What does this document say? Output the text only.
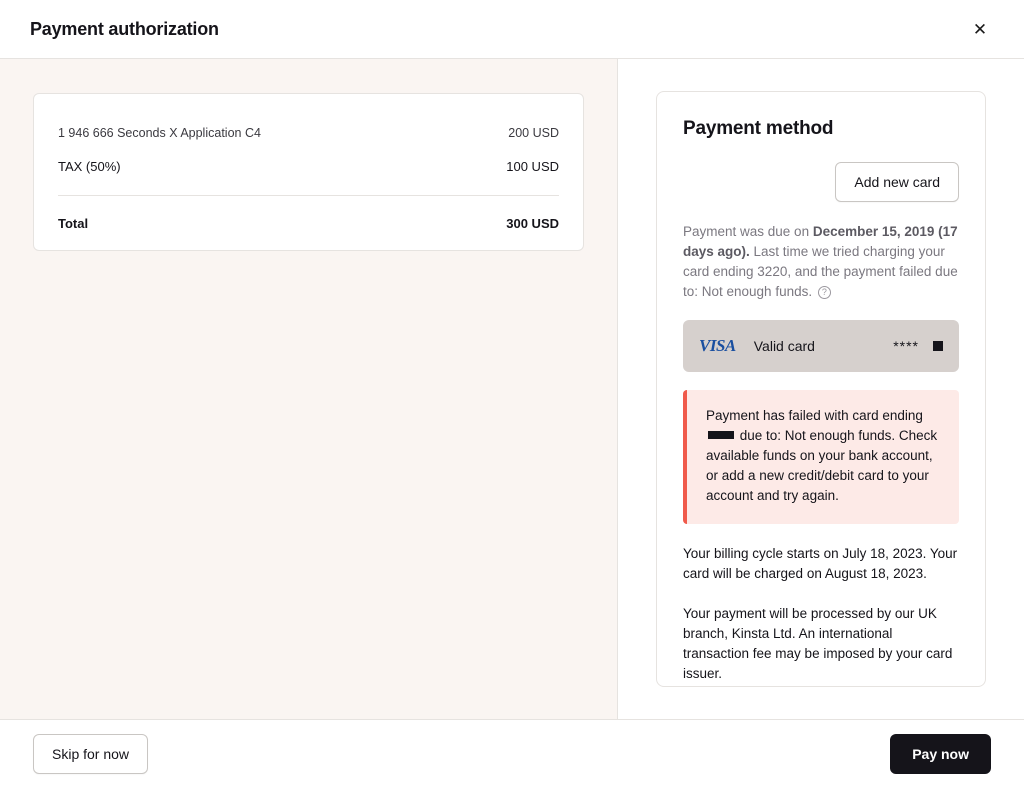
Payment authorization	✕
1 946 666 Seconds X Application C4	200 USD
TAX (50%)	100 USD
Total	300 USD
Payment method
Add new card
Payment was due on December 15, 2019 (17 days ago). Last time we tried charging your card ending 3220, and the payment failed due to: Not enough funds. ?
VISA Valid card	****
Payment has failed with card ending  due to: Not enough funds. Check available funds on your bank account, or add a new credit/debit card to your account and try again.
Your billing cycle starts on July 18, 2023. Your card will be charged on August 18, 2023.
Your payment will be processed by our UK branch, Kinsta Ltd. An international transaction fee may be imposed by your card issuer.
Skip for now	Pay now
